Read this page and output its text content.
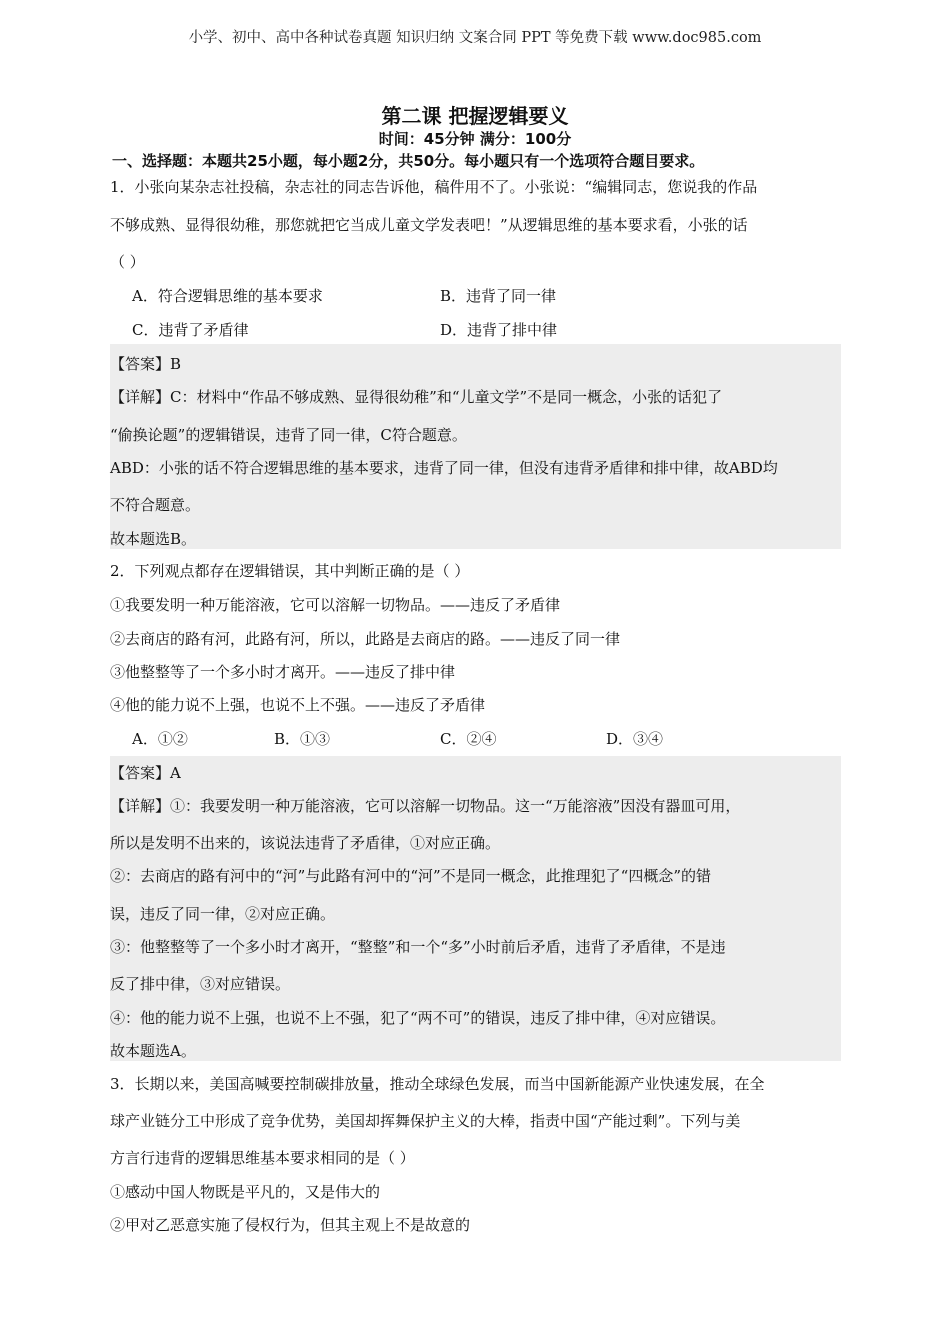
小学、初中、高中各种试卷真题 知识归纳 文案合同 PPT 等免费下载 www.doc985.com
第二课 把握逻辑要义
时间：45分钟 满分：100分
一、选择题：本题共25小题，每小题2分，共50分。每小题只有一个选项符合题目要求。
1．小张向某杂志社投稿，杂志社的同志告诉他，稿件用不了。小张说：“编辑同志，您说我的作品
不够成熟、显得很幼稚，那您就把它当成儿童文学发表吧！”从逻辑思维的基本要求看，小张的话
（ ）
A．符合逻辑思维的基本要求	B．违背了同一律
C．违背了矛盾律	D．违背了排中律
【答案】B
【详解】C：材料中“作品不够成熟、显得很幼稚”和“儿童文学”不是同一概念，小张的话犯了
“偷换论题”的逻辑错误，违背了同一律，C符合题意。
ABD：小张的话不符合逻辑思维的基本要求，违背了同一律，但没有违背矛盾律和排中律，故ABD均
不符合题意。
故本题选B。
2．下列观点都存在逻辑错误，其中判断正确的是（ ）
①我要发明一种万能溶液，它可以溶解一切物品。——违反了矛盾律
②去商店的路有河，此路有河，所以，此路是去商店的路。——违反了同一律
③他整整等了一个多小时才离开。——违反了排中律
④他的能力说不上强，也说不上不强。——违反了矛盾律
A．①②	B．①③	C．②④	D．③④
【答案】A
【详解】①：我要发明一种万能溶液，它可以溶解一切物品。这一“万能溶液”因没有器皿可用，
所以是发明不出来的，该说法违背了矛盾律，①对应正确。
②：去商店的路有河中的“河”与此路有河中的“河”不是同一概念，此推理犯了“四概念”的错
误，违反了同一律，②对应正确。
③：他整整等了一个多小时才离开，“整整”和一个“多”小时前后矛盾，违背了矛盾律，不是违
反了排中律，③对应错误。
④：他的能力说不上强，也说不上不强，犯了“两不可”的错误，违反了排中律，④对应错误。
故本题选A。
3．长期以来，美国高喊要控制碳排放量，推动全球绿色发展，而当中国新能源产业快速发展，在全
球产业链分工中形成了竞争优势，美国却挥舞保护主义的大棒，指责中国“产能过剩”。下列与美
方言行违背的逻辑思维基本要求相同的是（ ）
①感动中国人物既是平凡的，又是伟大的
②甲对乙恶意实施了侵权行为，但其主观上不是故意的
